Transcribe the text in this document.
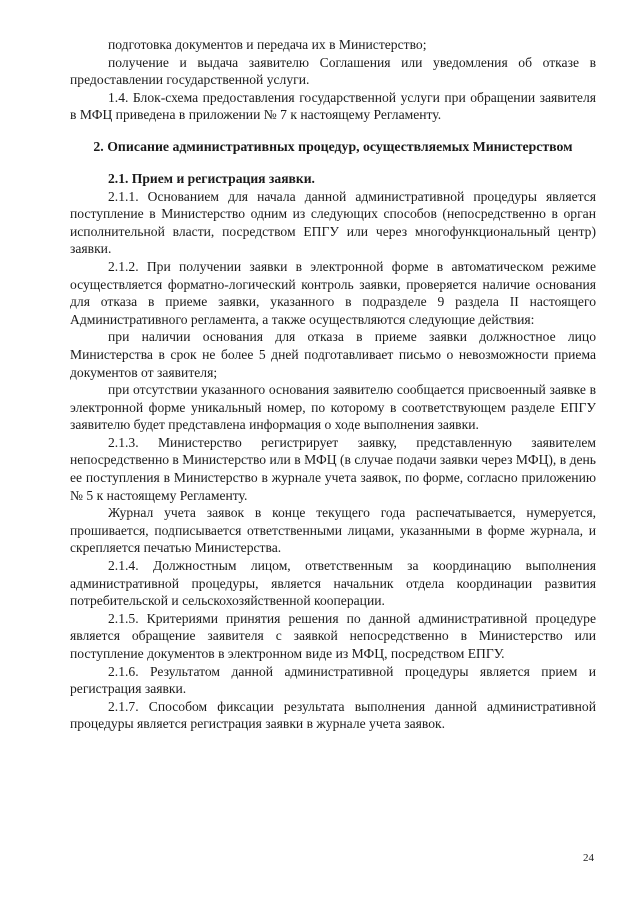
подготовка документов и передача их в Министерство;

получение и выдача заявителю Соглашения или уведомления об отказе в предоставлении государственной услуги.

1.4. Блок-схема предоставления государственной услуги при обращении заявителя в МФЦ приведена в приложении № 7 к настоящему Регламенту.

2. Описание административных процедур, осуществляемых Министерством

2.1. Прием и регистрация заявки.

2.1.1. Основанием для начала данной административной процедуры является поступление в Министерство одним из следующих способов (непосредственно в орган исполнительной власти, посредством ЕПГУ или через многофункциональный центр) заявки.

2.1.2. При получении заявки в электронной форме в автоматическом режиме осуществляется форматно-логический контроль заявки, проверяется наличие основания для отказа в приеме заявки, указанного в подразделе 9 раздела II настоящего Административного регламента, а также осуществляются следующие действия:

при наличии основания для отказа в приеме заявки должностное лицо Министерства в срок не более 5 дней подготавливает письмо о невозможности приема документов от заявителя;

при отсутствии указанного основания заявителю сообщается присвоенный заявке в электронной форме уникальный номер, по которому в соответствующем разделе ЕПГУ заявителю будет представлена информация о ходе выполнения заявки.

2.1.3. Министерство регистрирует заявку, представленную заявителем непосредственно в Министерство или в МФЦ (в случае подачи заявки через МФЦ), в день ее поступления в Министерство в журнале учета заявок, по форме, согласно приложению № 5 к настоящему Регламенту.

Журнал учета заявок в конце текущего года распечатывается, нумеруется, прошивается, подписывается ответственными лицами, указанными в форме журнала, и скрепляется печатью Министерства.

2.1.4. Должностным лицом, ответственным за координацию выполнения административной процедуры, является начальник отдела координации развития потребительской и сельскохозяйственной кооперации.

2.1.5. Критериями принятия решения по данной административной процедуре является обращение заявителя с заявкой непосредственно в Министерство или поступление документов в электронном виде из МФЦ, посредством ЕПГУ.

2.1.6. Результатом данной административной процедуры является прием и регистрация заявки.

2.1.7. Способом фиксации результата выполнения данной административной процедуры является регистрация заявки в журнале учета заявок.

24
